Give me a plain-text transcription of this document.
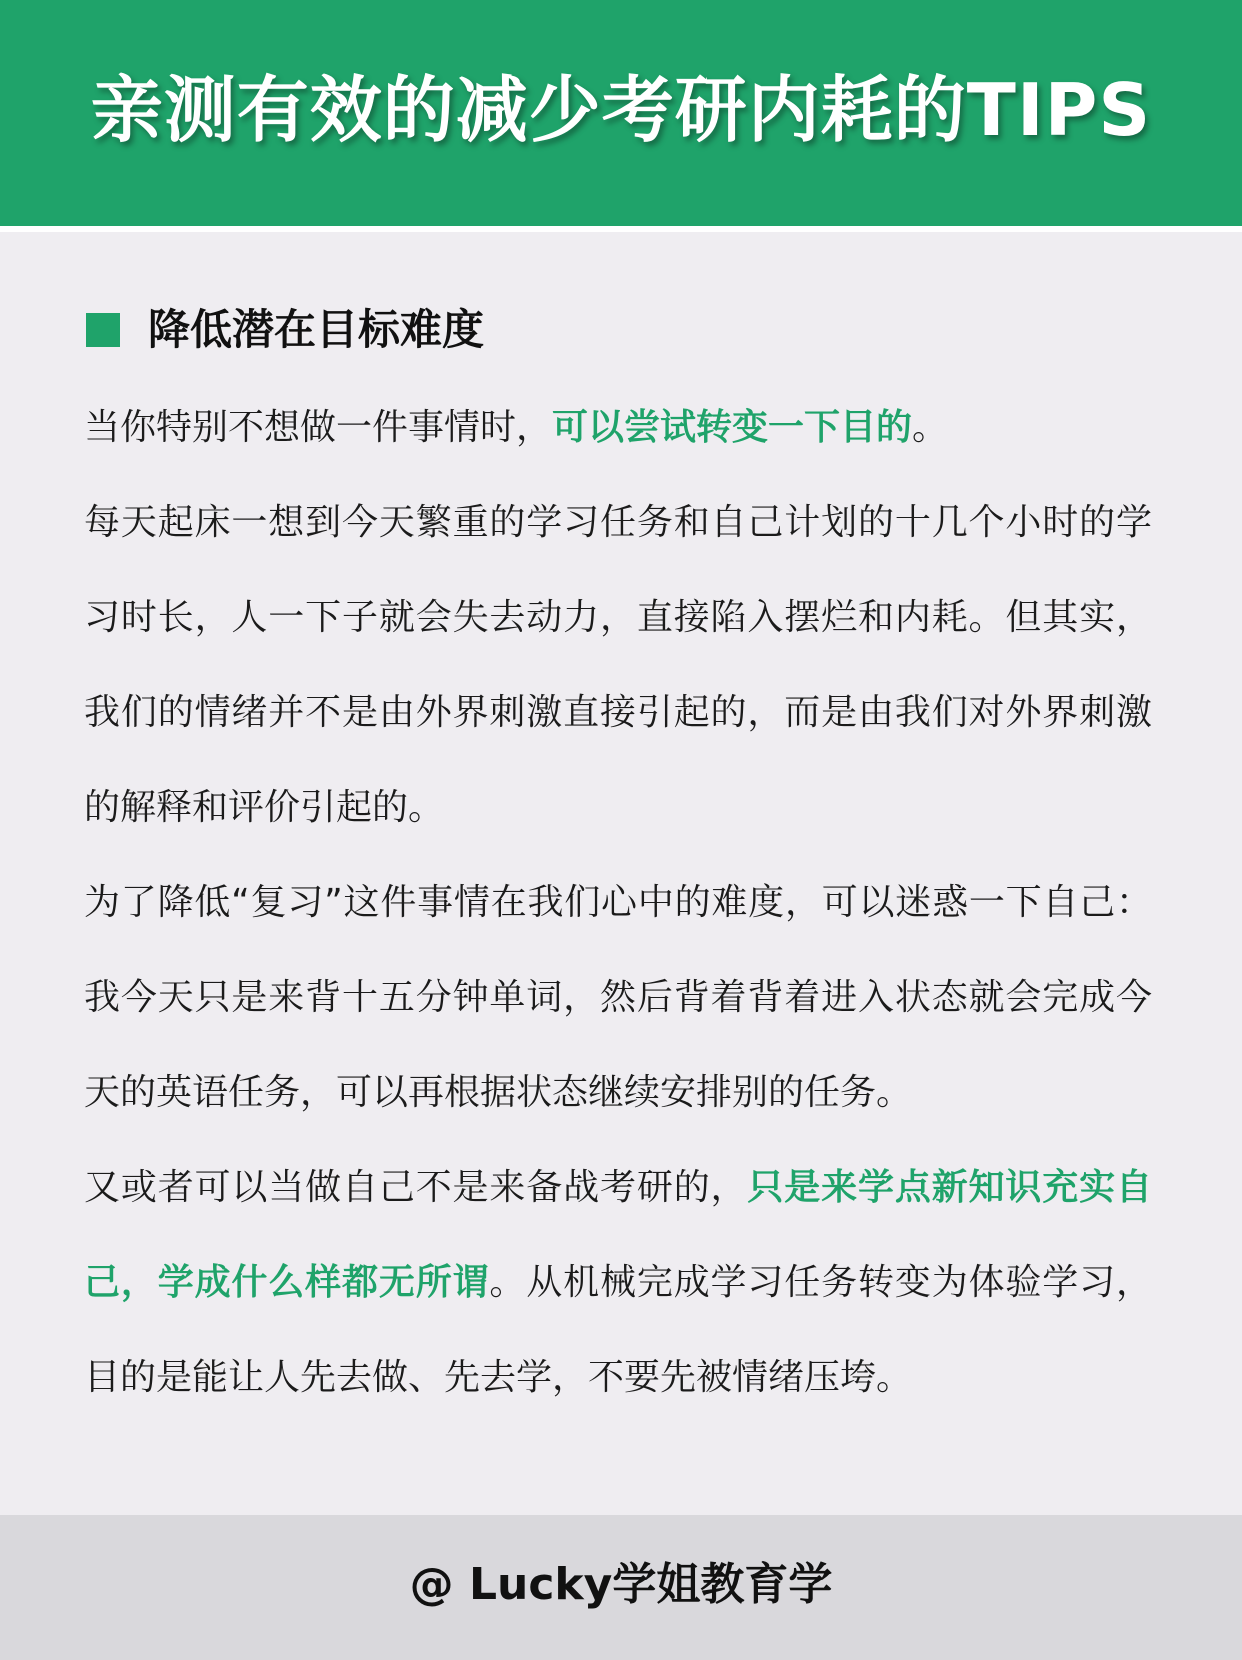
亲测有效的减少考研内耗的TIPS
降低潜在目标难度

当你特别不想做一件事情时，可以尝试转变一下目的。

每天起床一想到今天繁重的学习任务和自己计划的十几个小时的学习时长，人一下子就会失去动力，直接陷入摆烂和内耗。但其实，我们的情绪并不是由外界刺激直接引起的，而是由我们对外界刺激的解释和评价引起的。

为了降低“复习”这件事情在我们心中的难度，可以迷惑一下自己：我今天只是来背十五分钟单词，然后背着背着进入状态就会完成今天的英语任务，可以再根据状态继续安排别的任务。

又或者可以当做自己不是来备战考研的，只是来学点新知识充实自己，学成什么样都无所谓。从机械完成学习任务转变为体验学习，目的是能让人先去做、先去学，不要先被情绪压垮。

@ Lucky学姐教育学
